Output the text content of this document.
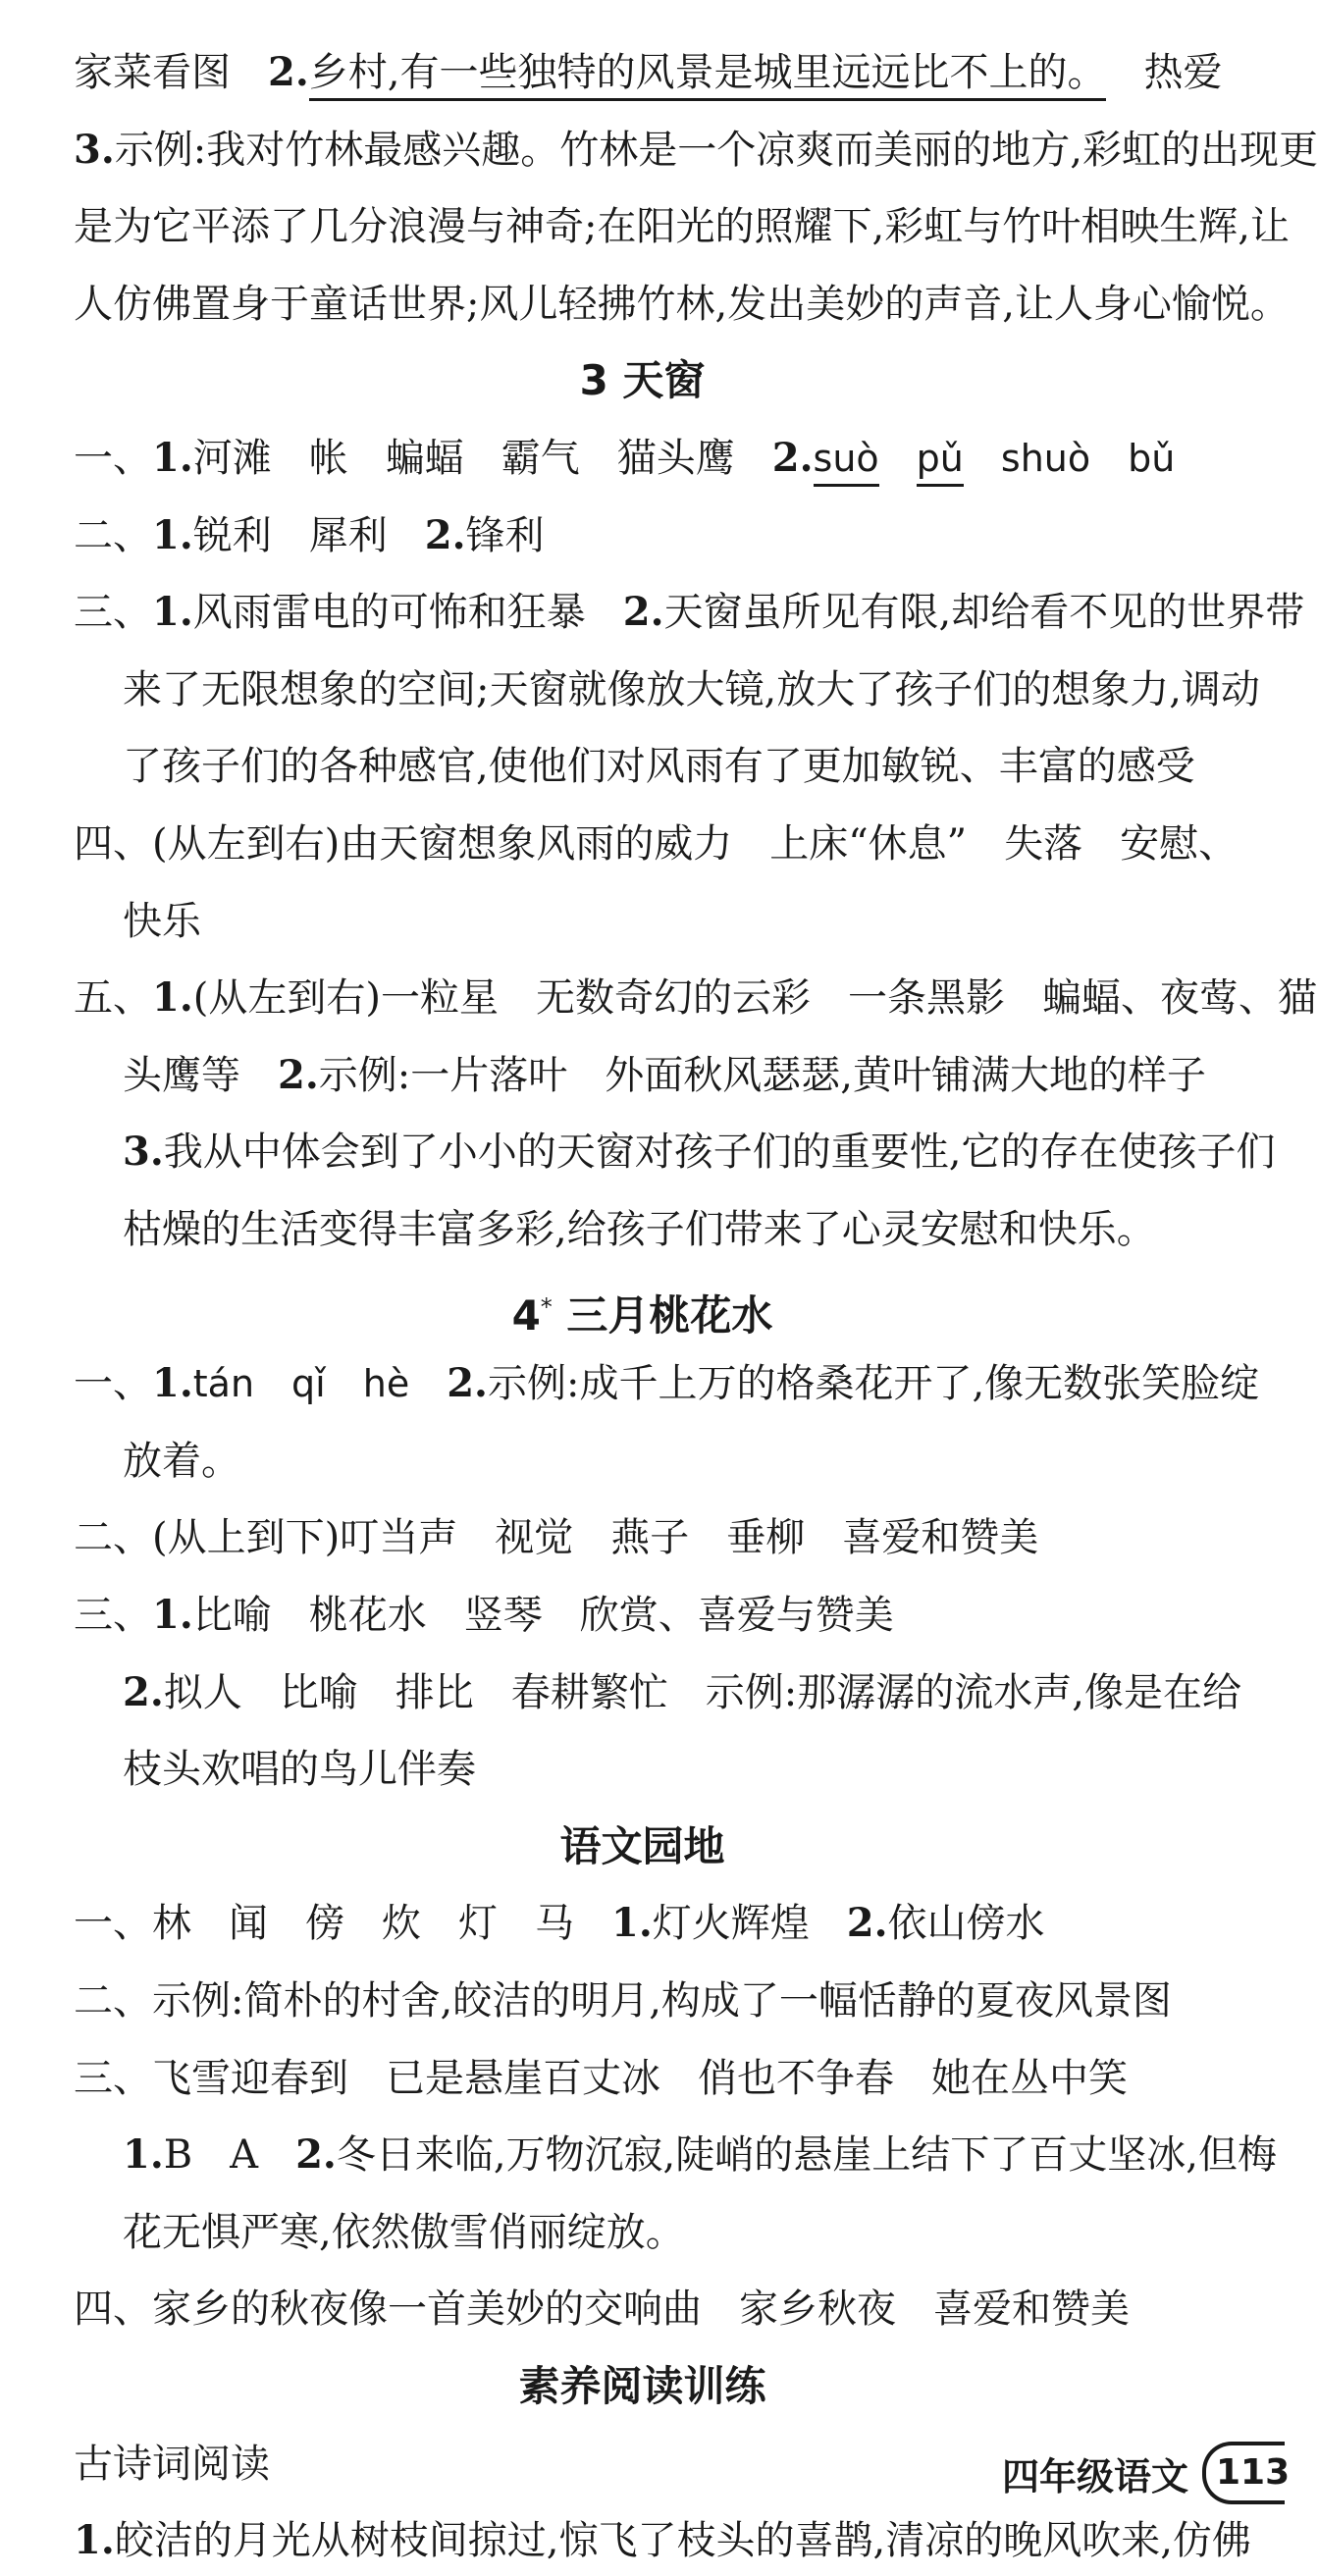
家菜看图 2.乡村,有一些独特的风景是城里远远比不上的。 热爱
3.示例:我对竹林最感兴趣。竹林是一个凉爽而美丽的地方,彩虹的出现更
是为它平添了几分浪漫与神奇;在阳光的照耀下,彩虹与竹叶相映生辉,让
人仿佛置身于童话世界;风儿轻拂竹林,发出美妙的声音,让人身心愉悦。
3 天窗
一、1.河滩 帐 蝙蝠 霸气 猫头鹰 2.suò pǔ shuò bǔ
二、1.锐利 犀利 2.锋利
三、1.风雨雷电的可怖和狂暴 2.天窗虽所见有限,却给看不见的世界带
来了无限想象的空间;天窗就像放大镜,放大了孩子们的想象力,调动
了孩子们的各种感官,使他们对风雨有了更加敏锐、丰富的感受
四、(从左到右)由天窗想象风雨的威力 上床“休息” 失落 安慰、
快乐
五、1.(从左到右)一粒星 无数奇幻的云彩 一条黑影 蝙蝠、夜莺、猫
头鹰等 2.示例:一片落叶 外面秋风瑟瑟,黄叶铺满大地的样子
3.我从中体会到了小小的天窗对孩子们的重要性,它的存在使孩子们
枯燥的生活变得丰富多彩,给孩子们带来了心灵安慰和快乐。
4* 三月桃花水
一、1.tán qǐ hè 2.示例:成千上万的格桑花开了,像无数张笑脸绽
放着。
二、(从上到下)叮当声 视觉 燕子 垂柳 喜爱和赞美
三、1.比喻 桃花水 竖琴 欣赏、喜爱与赞美
2.拟人 比喻 排比 春耕繁忙 示例:那潺潺的流水声,像是在给
枝头欢唱的鸟儿伴奏
语文园地
一、林 闻 傍 炊 灯 马 1.灯火辉煌 2.依山傍水
二、示例:简朴的村舍,皎洁的明月,构成了一幅恬静的夏夜风景图
三、飞雪迎春到 已是悬崖百丈冰 俏也不争春 她在丛中笑
1.B A 2.冬日来临,万物沉寂,陡峭的悬崖上结下了百丈坚冰,但梅
花无惧严寒,依然傲雪俏丽绽放。
四、家乡的秋夜像一首美妙的交响曲 家乡秋夜 喜爱和赞美
素养阅读训练
古诗词阅读
1.皎洁的月光从树枝间掠过,惊飞了枝头的喜鹊,清凉的晚风吹来,仿佛
四年级语文 113
